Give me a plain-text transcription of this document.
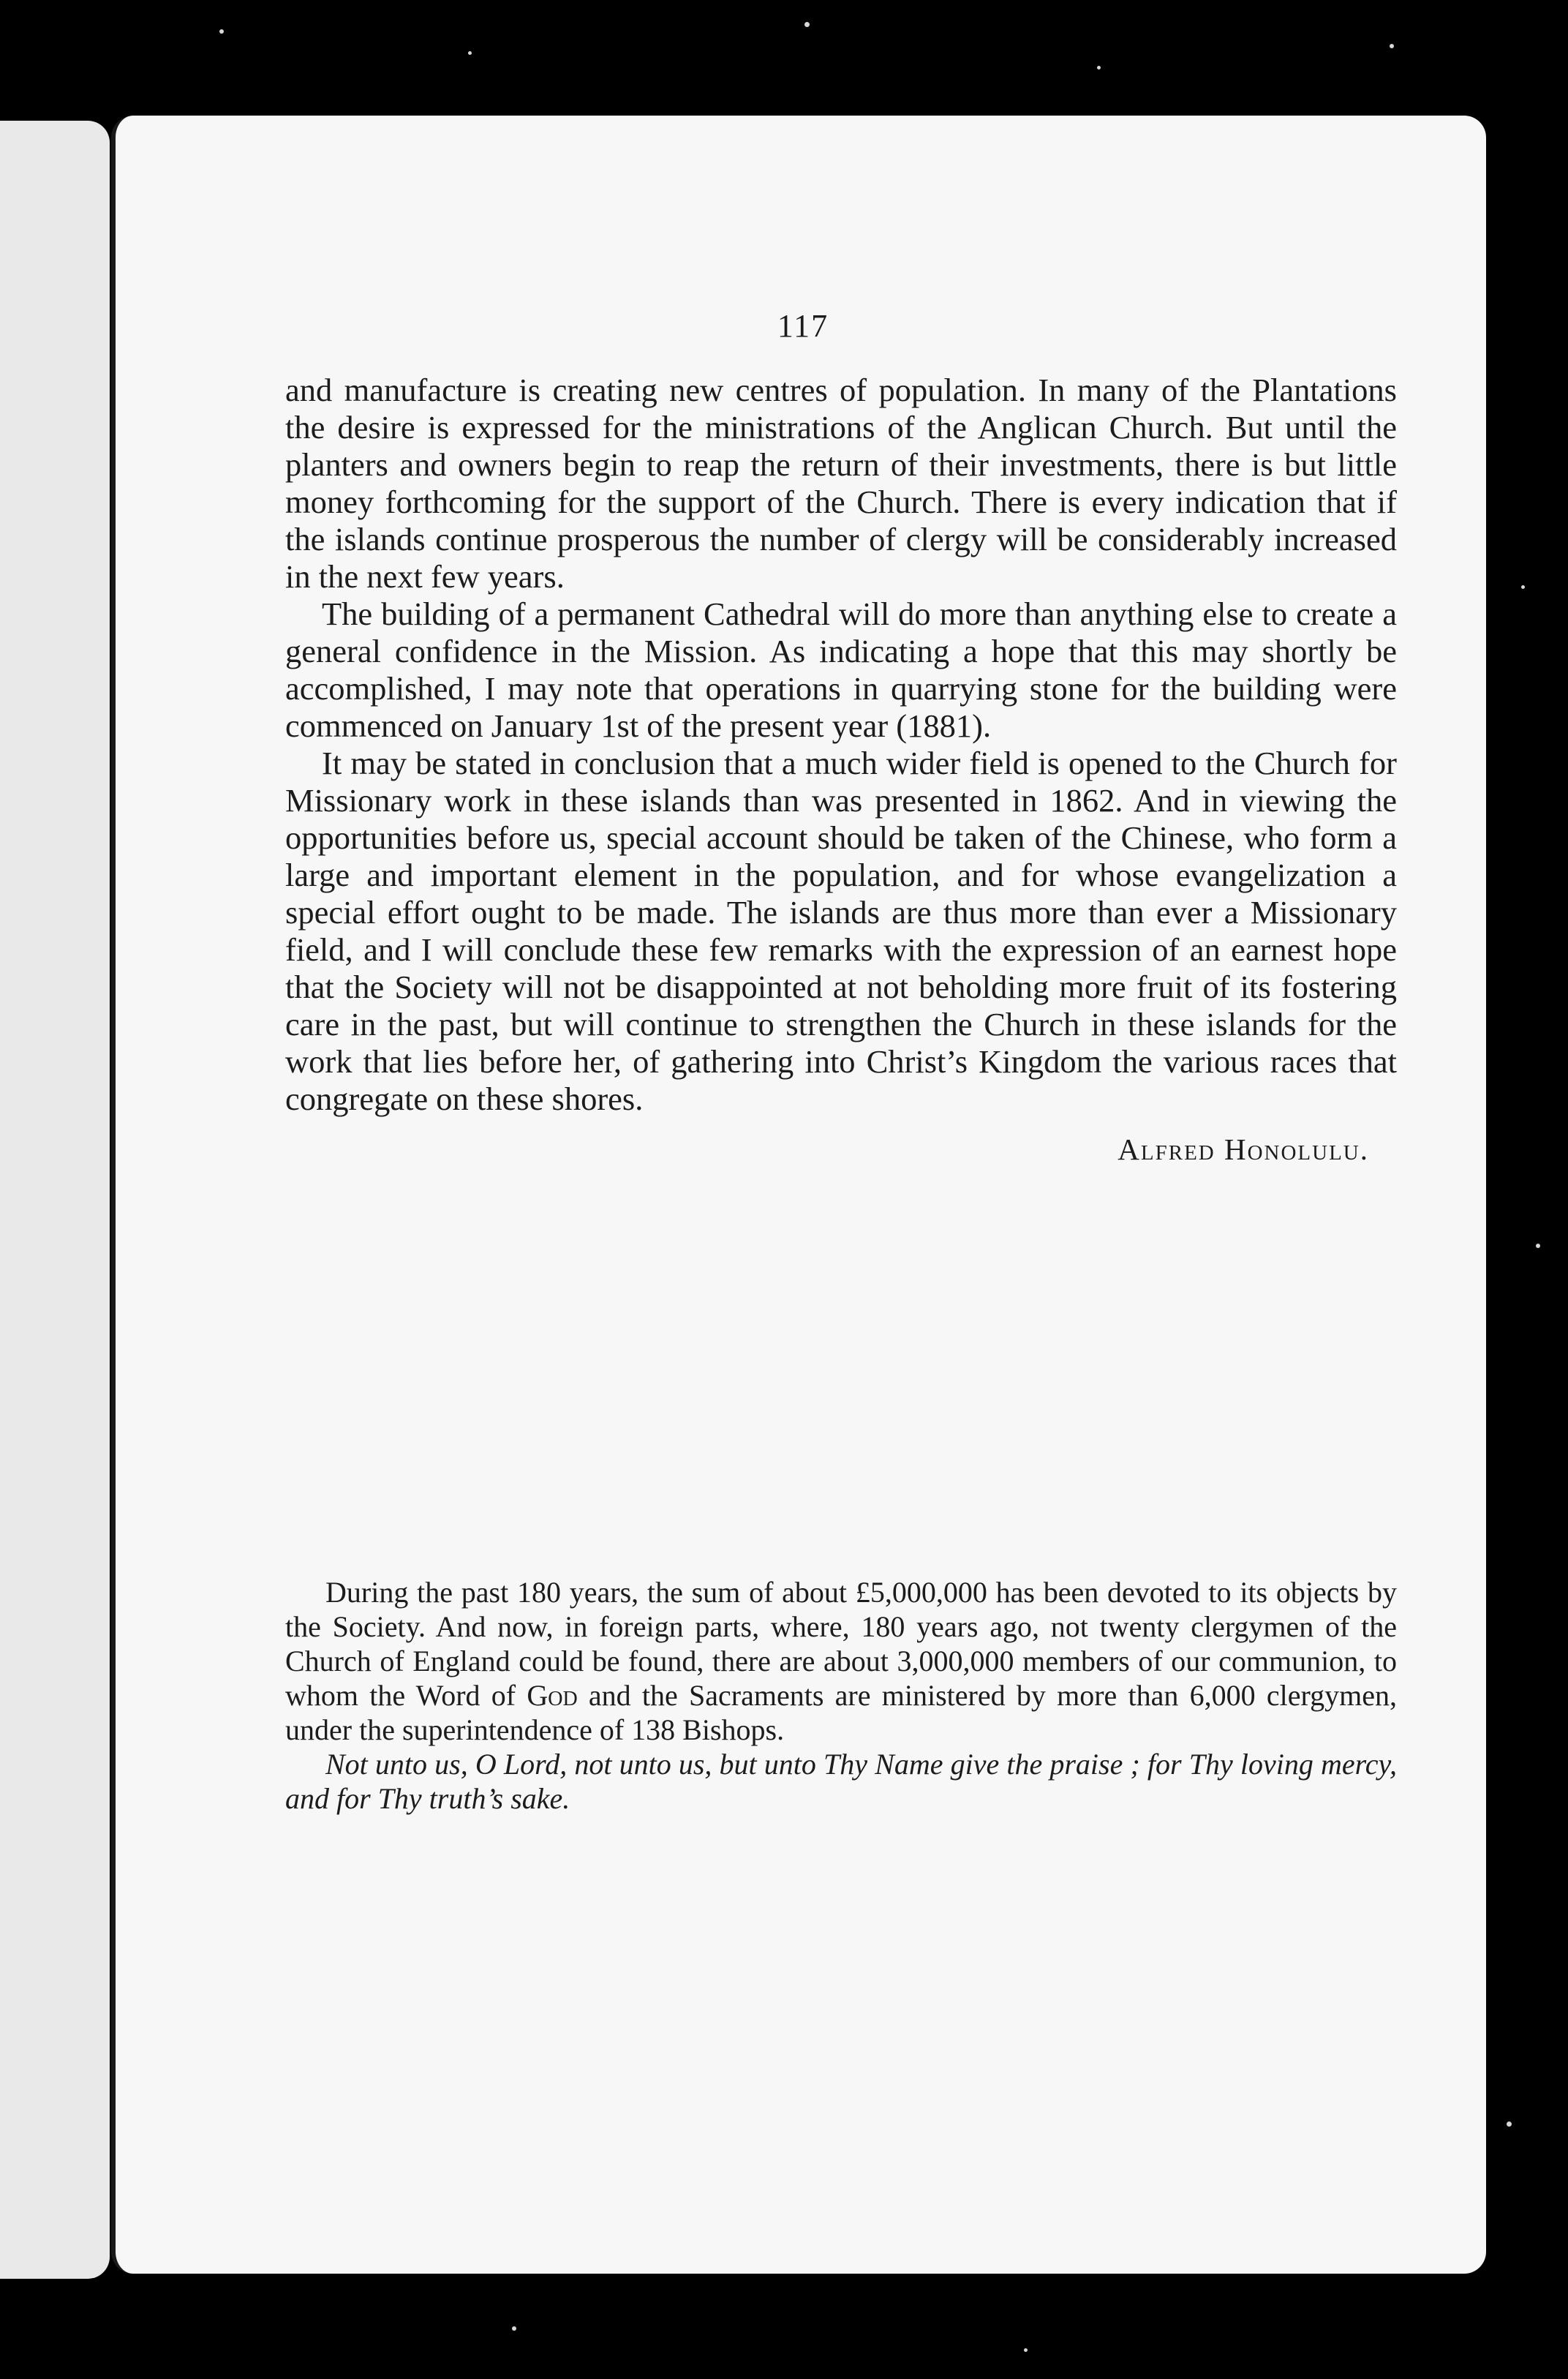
117

and manufacture is creating new centres of population. In many of the Plantations the desire is expressed for the ministrations of the Anglican Church. But until the planters and owners begin to reap the return of their investments, there is but little money forthcoming for the support of the Church. There is every indication that if the islands continue prosperous the number of clergy will be considerably increased in the next few years.

The building of a permanent Cathedral will do more than anything else to create a general confidence in the Mission. As indicating a hope that this may shortly be accomplished, I may note that operations in quarrying stone for the building were commenced on January 1st of the present year (1881).

It may be stated in conclusion that a much wider field is opened to the Church for Missionary work in these islands than was presented in 1862. And in viewing the opportunities before us, special account should be taken of the Chinese, who form a large and important element in the population, and for whose evangelization a special effort ought to be made. The islands are thus more than ever a Missionary field, and I will conclude these few remarks with the expression of an earnest hope that the Society will not be disappointed at not beholding more fruit of its fostering care in the past, but will continue to strengthen the Church in these islands for the work that lies before her, of gathering into Christ’s Kingdom the various races that congregate on these shores.

Alfred Honolulu.

During the past 180 years, the sum of about £5,000,000 has been devoted to its objects by the Society. And now, in foreign parts, where, 180 years ago, not twenty clergymen of the Church of England could be found, there are about 3,000,000 members of our communion, to whom the Word of God and the Sacraments are ministered by more than 6,000 clergymen, under the superintendence of 138 Bishops.

Not unto us, O Lord, not unto us, but unto Thy Name give the praise ; for Thy loving mercy, and for Thy truth’s sake.
